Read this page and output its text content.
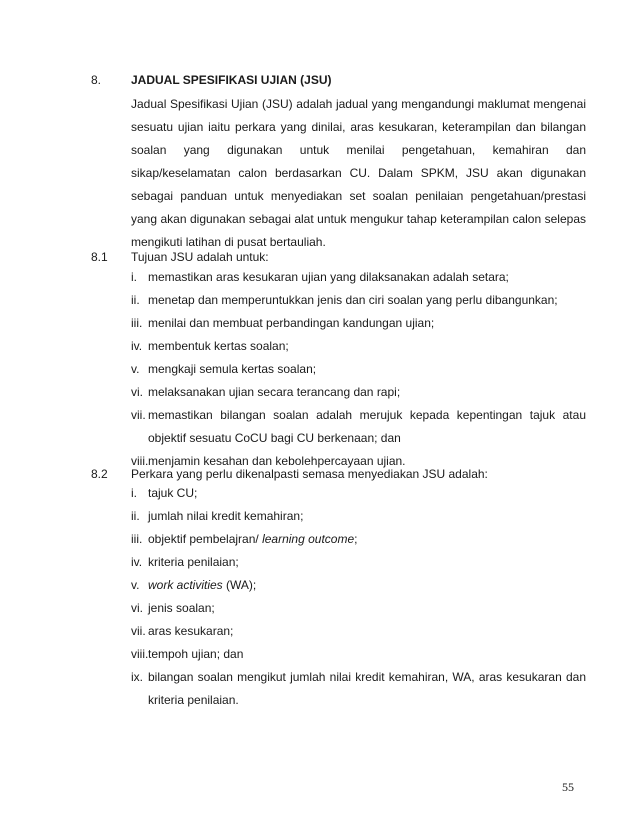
8. JADUAL SPESIFIKASI UJIAN (JSU)
Jadual Spesifikasi Ujian (JSU) adalah jadual yang mengandungi maklumat mengenai sesuatu ujian iaitu perkara yang dinilai, aras kesukaran, keterampilan dan bilangan soalan yang digunakan untuk menilai pengetahuan, kemahiran dan sikap/keselamatan calon berdasarkan CU. Dalam SPKM, JSU akan digunakan sebagai panduan untuk menyediakan set soalan penilaian pengetahuan/prestasi yang akan digunakan sebagai alat untuk mengukur tahap keterampilan calon selepas mengikuti latihan di pusat bertauliah.
8.1 Tujuan JSU adalah untuk:
i. memastikan aras kesukaran ujian yang dilaksanakan adalah setara;
ii. menetap dan memperuntukkan jenis dan ciri soalan yang perlu dibangunkan;
iii. menilai dan membuat perbandingan kandungan ujian;
iv. membentuk kertas soalan;
v. mengkaji semula kertas soalan;
vi. melaksanakan ujian secara terancang dan rapi;
vii. memastikan bilangan soalan adalah merujuk kepada kepentingan tajuk atau objektif sesuatu CoCU bagi CU berkenaan; dan
viii. menjamin kesahan dan kebolehpercayaan ujian.
8.2 Perkara yang perlu dikenalpasti semasa menyediakan JSU adalah:
i. tajuk CU;
ii. jumlah nilai kredit kemahiran;
iii. objektif pembelajran/ learning outcome;
iv. kriteria penilaian;
v. work activities (WA);
vi. jenis soalan;
vii. aras kesukaran;
viii. tempoh ujian; dan
ix. bilangan soalan mengikut jumlah nilai kredit kemahiran, WA, aras kesukaran dan kriteria penilaian.
55
